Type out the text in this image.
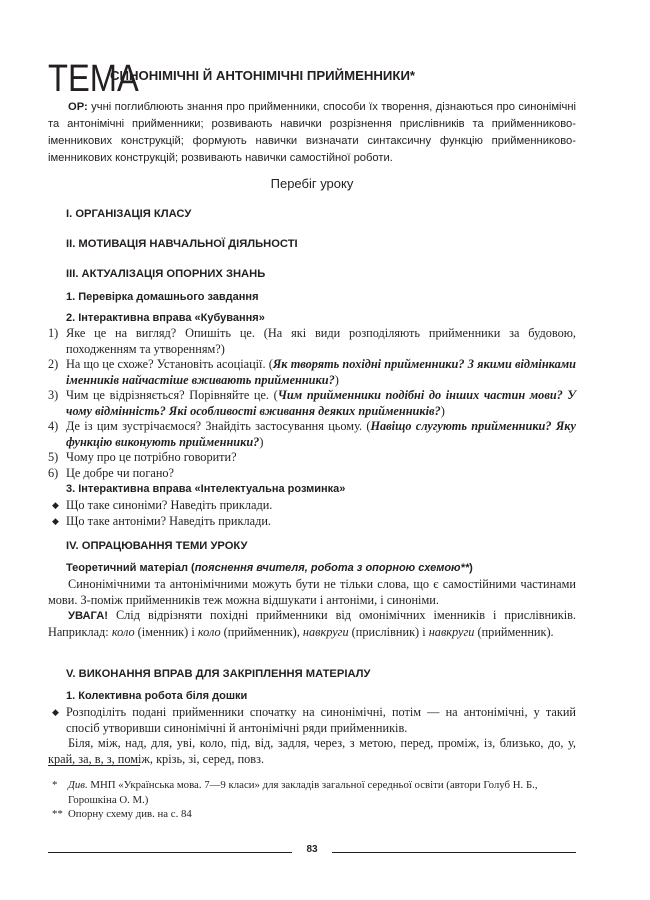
ТЕМА
СИНОНІМІЧНІ Й АНТОНІМІЧНІ ПРИЙМЕННИКИ*
ОР: учні поглиблюють знання про прийменники, способи їх творення, дізнаються про синонімічні та антонімічні прийменники; розвивають навички розрізнення прислівників та прийменниково-іменникових конструкцій; формують навички визначати синтаксичну функцію прийменниково-іменникових конструкцій; розвивають навички самостійної роботи.
Перебіг уроку
I. ОРГАНІЗАЦІЯ КЛАСУ
II. МОТИВАЦІЯ НАВЧАЛЬНОЇ ДІЯЛЬНОСТІ
III. АКТУАЛІЗАЦІЯ ОПОРНИХ ЗНАНЬ
1. Перевірка домашнього завдання
2. Інтерактивна вправа «Кубування»
1) Яке це на вигляд? Опишіть це. (На які види розподіляють прийменники за будовою, походженням та утворенням?)
2) На що це схоже? Установіть асоціації. (Як творять похідні прийменники? З якими відмінками іменників найчастіше вживають прийменники?)
3) Чим це відрізняється? Порівняйте це. (Чим прийменники подібні до інших частин мови? У чому відмінність? Які особливості вживання деяких прийменників?)
4) Де із цим зустрічаємося? Знайдіть застосування цьому. (Навіщо слугують прийменники? Яку функцію виконують прийменники?)
5) Чому про це потрібно говорити?
6) Це добре чи погано?
3. Інтерактивна вправа «Інтелектуальна розминка»
◆ Що таке синоніми? Наведіть приклади.
◆ Що таке антоніми? Наведіть приклади.
IV. ОПРАЦЮВАННЯ ТЕМИ УРОКУ
Теоретичний матеріал (пояснення вчителя, робота з опорною схемою**)
Синонімічними та антонімічними можуть бути не тільки слова, що є самостійними частинами мови. З-поміж прийменників теж можна відшукати і антоніми, і синоніми.
УВАГА! Слід відрізняти похідні прийменники від омонімічних іменників і прислівників. Наприклад: коло (іменник) і коло (прийменник), навкруги (прислівник) і навкруги (прийменник).
V. ВИКОНАННЯ ВПРАВ ДЛЯ ЗАКРІПЛЕННЯ МАТЕРІАЛУ
1. Колективна робота біля дошки
◆ Розподіліть подані прийменники спочатку на синонімічні, потім — на антонімічні, у такий спосіб утворивши синонімічні й антонімічні ряди прийменників.
Біля, між, над, для, уві, коло, під, від, задля, через, з метою, перед, проміж, із, близько, до, у, край, за, в, з, поміж, крізь, зі, серед, повз.
* Див. МНП «Українська мова. 7—9 класи» для закладів загальної середньої освіти (автори Голуб Н. Б., Горошкіна О. М.)
** Опорну схему див. на с. 84
83
